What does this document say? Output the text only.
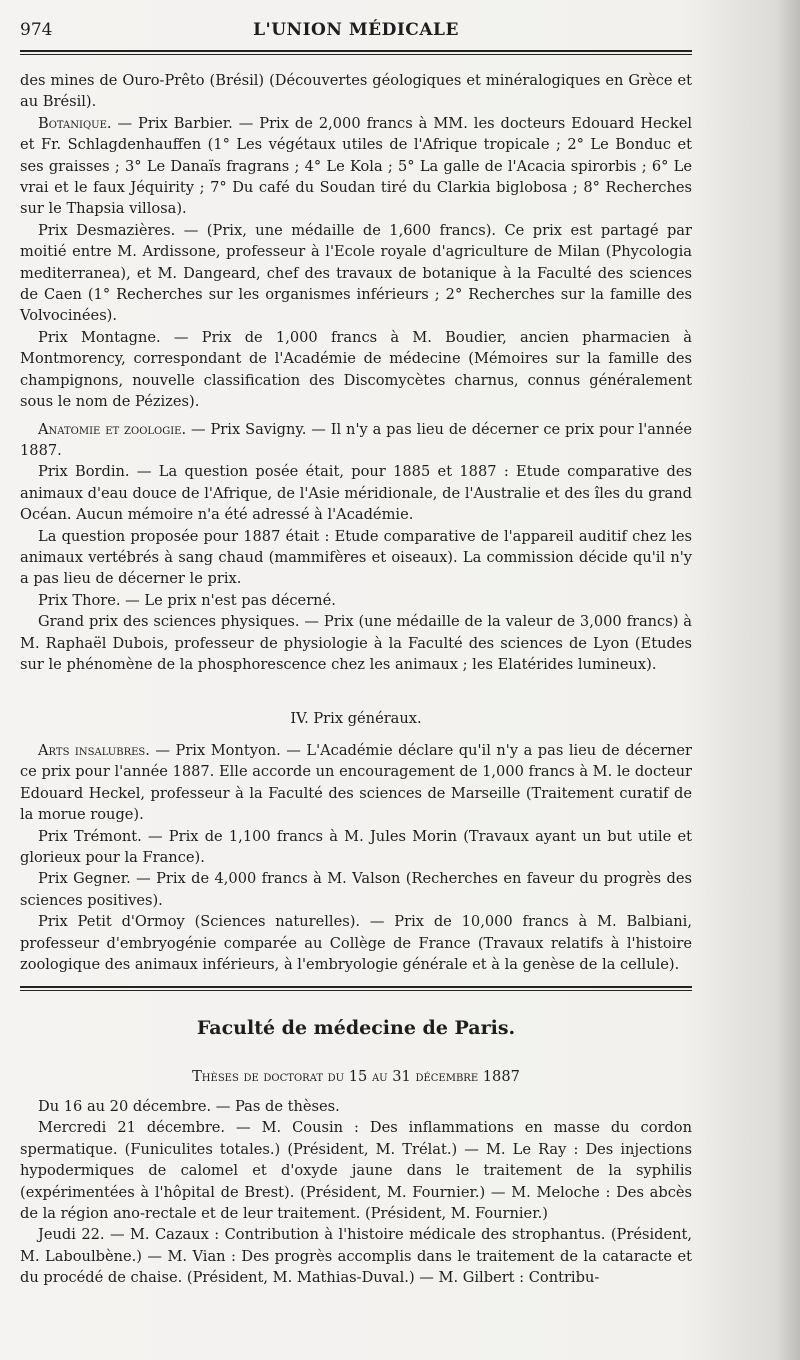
974	L'UNION MÉDICALE

des mines de Ouro-Prêto (Brésil) (Découvertes géologiques et minéralogiques en Grèce et au Brésil).

Botanique. — Prix Barbier. — Prix de 2,000 francs à MM. les docteurs Edouard Heckel et Fr. Schlagdenhauffen (1° Les végétaux utiles de l'Afrique tropicale ; 2° Le Bonduc et ses graisses ; 3° Le Danaïs fragrans ; 4° Le Kola ; 5° La galle de l'Acacia spirorbis ; 6° Le vrai et le faux Jéquirity ; 7° Du café du Soudan tiré du Clarkia biglobosa ; 8° Recherches sur le Thapsia villosa).

Prix Desmazières. — (Prix, une médaille de 1,600 francs). Ce prix est partagé par moitié entre M. Ardissone, professeur à l'Ecole royale d'agriculture de Milan (Phycologia mediterranea), et M. Dangeard, chef des travaux de botanique à la Faculté des sciences de Caen (1° Recherches sur les organismes inférieurs ; 2° Recherches sur la famille des Volvocinées).

Prix Montagne. — Prix de 1,000 francs à M. Boudier, ancien pharmacien à Montmorency, correspondant de l'Académie de médecine (Mémoires sur la famille des champignons, nouvelle classification des Discomycètes charnus, connus généralement sous le nom de Pézizes).

Anatomie et zoologie. — Prix Savigny. — Il n'y a pas lieu de décerner ce prix pour l'année 1887.

Prix Bordin. — La question posée était, pour 1885 et 1887 : Etude comparative des animaux d'eau douce de l'Afrique, de l'Asie méridionale, de l'Australie et des îles du grand Océan. Aucun mémoire n'a été adressé à l'Académie.

La question proposée pour 1887 était : Etude comparative de l'appareil auditif chez les animaux vertébrés à sang chaud (mammifères et oiseaux). La commission décide qu'il n'y a pas lieu de décerner le prix.

Prix Thore. — Le prix n'est pas décerné.

Grand prix des sciences physiques. — Prix (une médaille de la valeur de 3,000 francs) à M. Raphaël Dubois, professeur de physiologie à la Faculté des sciences de Lyon (Etudes sur le phénomène de la phosphorescence chez les animaux ; les Elatérides lumineux).

IV. Prix généraux.

Arts insalubres. — Prix Montyon. — L'Académie déclare qu'il n'y a pas lieu de décerner ce prix pour l'année 1887. Elle accorde un encouragement de 1,000 francs à M. le docteur Edouard Heckel, professeur à la Faculté des sciences de Marseille (Traitement curatif de la morue rouge).

Prix Trémont. — Prix de 1,100 francs à M. Jules Morin (Travaux ayant un but utile et glorieux pour la France).

Prix Gegner. — Prix de 4,000 francs à M. Valson (Recherches en faveur du progrès des sciences positives).

Prix Petit d'Ormoy (Sciences naturelles). — Prix de 10,000 francs à M. Balbiani, professeur d'embryogénie comparée au Collège de France (Travaux relatifs à l'histoire zoologique des animaux inférieurs, à l'embryologie générale et à la genèse de la cellule).

Faculté de médecine de Paris.
Thèses de doctorat du 15 au 31 décembre 1887

Du 16 au 20 décembre. — Pas de thèses.

Mercredi 21 décembre. — M. Cousin : Des inflammations en masse du cordon spermatique. (Funiculites totales.) (Président, M. Trélat.) — M. Le Ray : Des injections hypodermiques de calomel et d'oxyde jaune dans le traitement de la syphilis (expérimentées à l'hôpital de Brest). (Président, M. Fournier.) — M. Meloche : Des abcès de la région ano-rectale et de leur traitement. (Président, M. Fournier.)

Jeudi 22. — M. Cazaux : Contribution à l'histoire médicale des strophantus. (Président, M. Laboulbène.) — M. Vian : Des progrès accomplis dans le traitement de la cataracte et du procédé de chaise. (Président, M. Mathias-Duval.) — M. Gilbert : Contribu-
